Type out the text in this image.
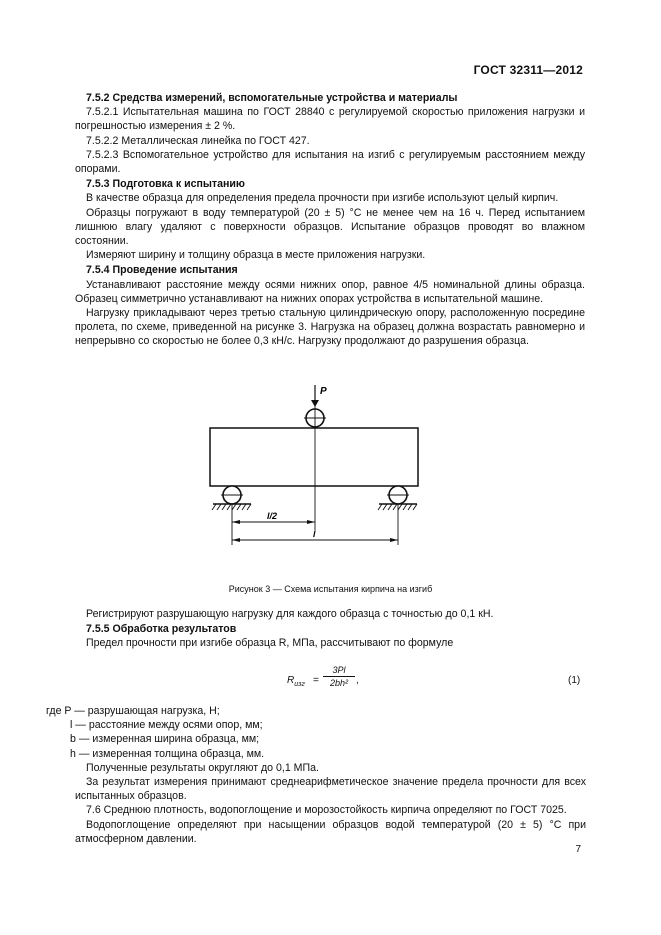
ГОСТ 32311—2012

7.5.2 Средства измерений, вспомогательные устройства и материалы

7.5.2.1 Испытательная машина по ГОСТ 28840 с регулируемой скоростью приложения нагрузки и погрешностью измерения ± 2 %.

7.5.2.2 Металлическая линейка по ГОСТ 427.

7.5.2.3 Вспомогательное устройство для испытания на изгиб с регулируемым расстоянием между опорами.

7.5.3 Подготовка к испытанию

В качестве образца для определения предела прочности при изгибе используют целый кирпич.

Образцы погружают в воду температурой (20 ± 5) °С не менее чем на 16 ч. Перед испытанием лишнюю влагу удаляют с поверхности образцов. Испытание образцов проводят во влажном состоянии.

Измеряют ширину и толщину образца в месте приложения нагрузки.

7.5.4 Проведение испытания

Устанавливают расстояние между осями нижних опор, равное 4/5 номинальной длины образца. Образец симметрично устанавливают на нижних опорах устройства в испытательной машине.

Нагрузку прикладывают через третью стальную цилиндрическую опору, расположенную посредине пролета, по схеме, приведенной на рисунке 3. Нагрузка на образец должна возрастать равномерно и непрерывно со скоростью не более 0,3 кН/с. Нагрузку продолжают до разрушения образца.

P
l/2
l
Рисунок 3 — Схема испытания кирпича на изгиб

Регистрируют разрушающую нагрузку для каждого образца с точностью до 0,1 кН.

7.5.5 Обработка результатов

Предел прочности при изгибе образца R, МПа, рассчитывают по формуле

$R_{изг}$ =
3Pl
2bh² ,	(1)

где P — разрушающая нагрузка, Н;

l — расстояние между осями опор, мм;

b — измеренная ширина образца, мм;

h — измеренная толщина образца, мм.

Полученные результаты округляют до 0,1 МПа.

За результат измерения принимают среднеарифметическое значение предела прочности для всех испытанных образцов.

7.6 Среднюю плотность, водопоглощение и морозостойкость кирпича определяют по ГОСТ 7025.

Водопоглощение определяют при насыщении образцов водой температурой (20 ± 5) °С при атмосферном давлении.

7
